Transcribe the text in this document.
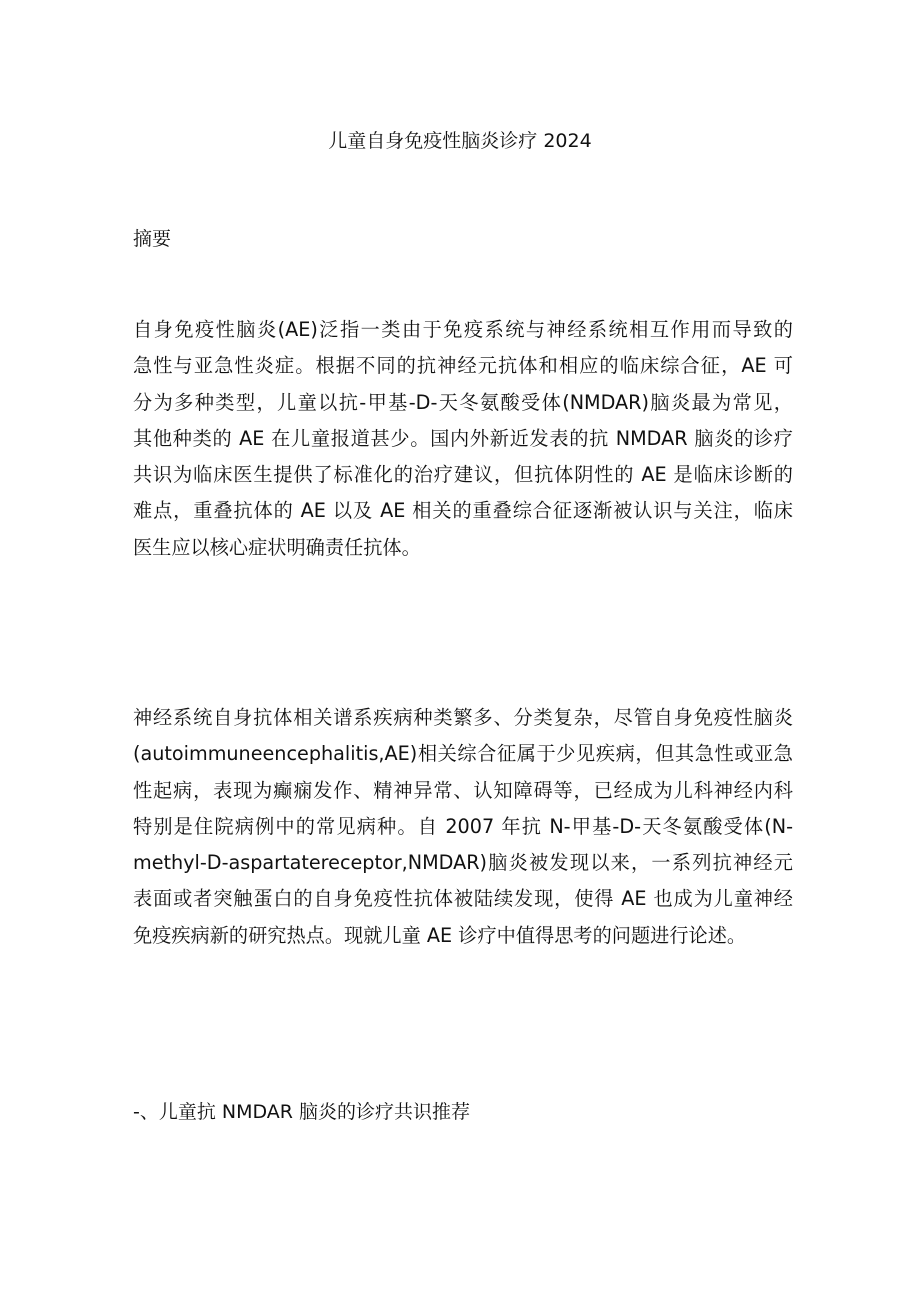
儿童自身免疫性脑炎诊疗 2024
摘要
自身免疫性脑炎(AE)泛指一类由于免疫系统与神经系统相互作用而导致的
急性与亚急性炎症。根据不同的抗神经元抗体和相应的临床综合征，AE 可
分为多种类型，儿童以抗-甲基-D-天冬氨酸受体(NMDAR)脑炎最为常见，
其他种类的 AE 在儿童报道甚少。国内外新近发表的抗 NMDAR 脑炎的诊疗
共识为临床医生提供了标准化的治疗建议，但抗体阴性的 AE 是临床诊断的
难点，重叠抗体的 AE 以及 AE 相关的重叠综合征逐渐被认识与关注，临床
医生应以核心症状明确责任抗体。
神经系统自身抗体相关谱系疾病种类繁多、分类复杂，尽管自身免疫性脑炎
(autoimmuneencephalitis,AE)相关综合征属于少见疾病，但其急性或亚急
性起病，表现为癫痫发作、精神异常、认知障碍等，已经成为儿科神经内科
特别是住院病例中的常见病种。自 2007 年抗 N-甲基-D-天冬氨酸受体(N-
methyl-D-aspartatereceptor,NMDAR)脑炎被发现以来，一系列抗神经元
表面或者突触蛋白的自身免疫性抗体被陆续发现，使得 AE 也成为儿童神经
免疫疾病新的研究热点。现就儿童 AE 诊疗中值得思考的问题进行论述。
-、儿童抗 NMDAR 脑炎的诊疗共识推荐
